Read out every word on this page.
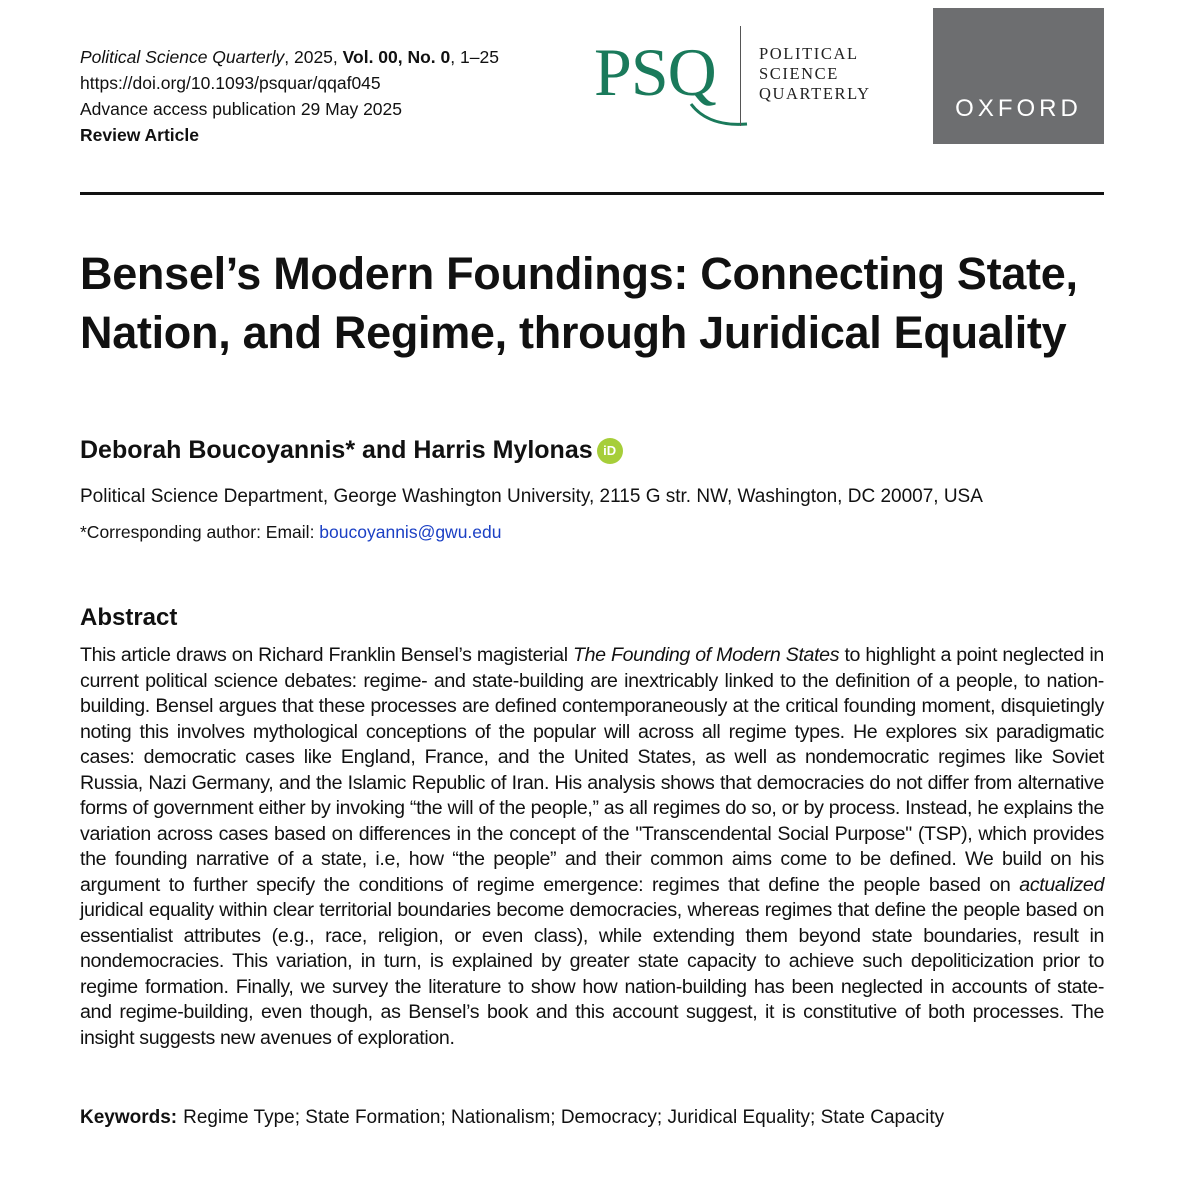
Political Science Quarterly, 2025, Vol. 00, No. 0, 1–25
https://doi.org/10.1093/psquar/qqaf045
Advance access publication 29 May 2025
Review Article
PSQ	POLITICAL
SCIENCE
QUARTERLY
OXFORD
Bensel’s Modern Foundings: Connecting State, Nation, and Regime, through Juridical Equality
Deborah Boucoyannis* and Harris Mylonas iD
Political Science Department, George Washington University, 2115 G str. NW, Washington, DC 20007, USA
*Corresponding author: Email: boucoyannis@gwu.edu
Abstract

This article draws on Richard Franklin Bensel’s magisterial The Founding of Modern States to highlight a point neglected in current political science debates: regime- and state-building are inextricably linked to the definition of a people, to nation-building. Bensel argues that these processes are defined contemporaneously at the critical founding moment, disquietingly noting this involves mythological conceptions of the popular will across all regime types. He explores six paradigmatic cases: democratic cases like England, France, and the United States, as well as nondemocratic regimes like Soviet Russia, Nazi Germany, and the Islamic Republic of Iran. His analysis shows that democracies do not differ from alternative forms of government either by invoking “the will of the people,” as all regimes do so, or by process. Instead, he explains the variation across cases based on differences in the concept of the "Transcendental Social Purpose" (TSP), which provides the founding narrative of a state, i.e, how “the people” and their common aims come to be defined. We build on his argument to further specify the conditions of regime emergence: regimes that define the people based on actualized juridical equality within clear territorial boundaries become democracies, whereas regimes that define the people based on essentialist attributes (e.g., race, religion, or even class), while extending them beyond state boundaries, result in nondemocracies. This variation, in turn, is explained by greater state capacity to achieve such depoliticization prior to regime formation. Finally, we survey the literature to show how nation-building has been neglected in accounts of state- and regime-building, even though, as Bensel’s book and this account suggest, it is constitutive of both processes. The insight suggests new avenues of exploration.

Keywords: Regime Type; State Formation; Nationalism; Democracy; Juridical Equality; State Capacity
